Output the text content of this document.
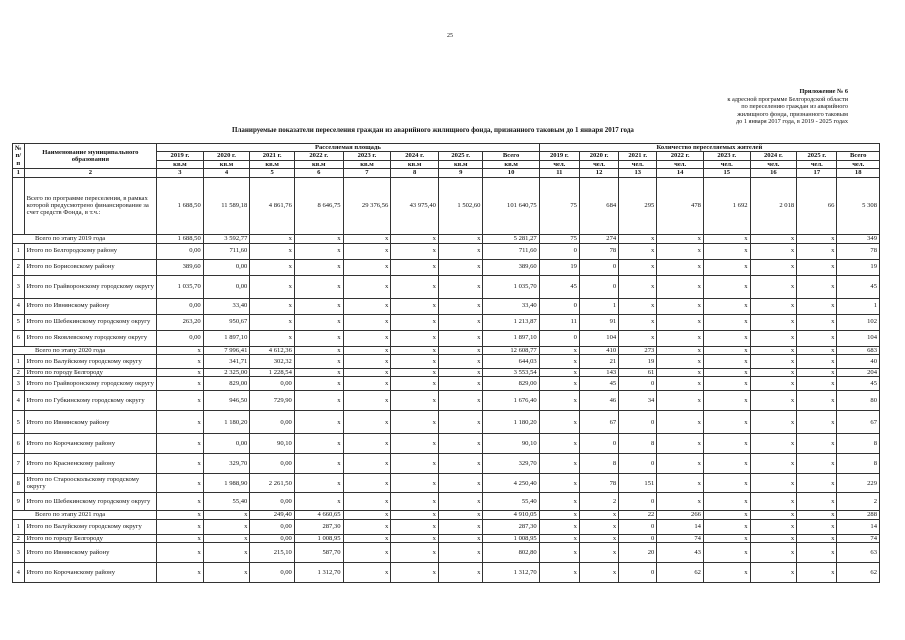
25
Приложение № 6
к адресной программе Белгородской области
по переселению граждан из аварийного
жилищного фонда, признанного таковым
до 1 января 2017 года, в 2019 - 2025 годах
Планируемые показатели переселения граждан из аварийного жилищного фонда, признанного таковым до 1 января 2017 года
№ п/п	Наименование муниципального образования	Расселяемая площадь								Количество переселяемых жителей							
		2019 г.	2020 г.	2021 г.	2022 г.	2023 г.	2024 г.	2025 г.	Всего	2019 г.	2020 г.	2021 г.	2022 г.	2023 г.	2024 г.	2025 г.	Всего
		кв.м	кв.м	кв.м	кв.м	кв.м	кв.м	кв.м	кв.м	чел.	чел.	чел.	чел.	чел.	чел.	чел.	чел.
1	2	3	4	5	6	7	8	9	10	11	12	13	14	15	16	17	18
	Всего по программе переселения, в рамках которой предусмотрено финансирование за счет средств Фонда, в т.ч.:	1 688,50	11 589,18	4 861,76	8 646,75	29 376,56	43 975,40	1 502,60	101 640,75	75	684	295	478	1 692	2 018	66	5 308
Всего по этапу 2019 года		1 688,50	3 592,77	x	x	x	x	x	5 281,27	75	274	x	x	x	x	x	349
1	Итого по Белгородскому району	0,00	711,60	x	x	x	x	x	711,60	0	78	x	x	x	x	x	78
2	Итого по Борисовскому району	389,60	0,00	x	x	x	x	x	389,60	19	0	x	x	x	x	x	19
3	Итого по Грайворонскому городскому округу	1 035,70	0,00	x	x	x	x	x	1 035,70	45	0	x	x	x	x	x	45
4	Итого по Ивнянскому району	0,00	33,40	x	x	x	x	x	33,40	0	1	x	x	x	x	x	1
5	Итого по Шебекинскому городскому округу	263,20	950,67	x	x	x	x	x	1 213,87	11	91	x	x	x	x	x	102
6	Итого по Яковлевскому городскому округу	0,00	1 897,10	x	x	x	x	x	1 897,10	0	104	x	x	x	x	x	104
Всего по этапу 2020 года		x	7 996,41	4 612,36	x	x	x	x	12 608,77	x	410	273	x	x	x	x	683
1	Итого по Валуйскому городскому округу	x	341,71	302,32	x	x	x	x	644,03	x	21	19	x	x	x	x	40
2	Итого по городу Белгороду	x	2 325,00	1 228,54	x	x	x	x	3 553,54	x	143	61	x	x	x	x	204
3	Итого по Грайворонскому городскому округу	x	829,00	0,00	x	x	x	x	829,00	x	45	0	x	x	x	x	45
4	Итого по Губкинскому городскому округу	x	946,50	729,90	x	x	x	x	1 676,40	x	46	34	x	x	x	x	80
5	Итого по Ивнянскому району	x	1 180,20	0,00	x	x	x	x	1 180,20	x	67	0	x	x	x	x	67
6	Итого по Корочанскому району	x	0,00	90,10	x	x	x	x	90,10	x	0	8	x	x	x	x	8
7	Итого по Красненскому району	x	329,70	0,00	x	x	x	x	329,70	x	8	0	x	x	x	x	8
8	Итого по Старооскольскому городскому округу	x	1 988,90	2 261,50	x	x	x	x	4 250,40	x	78	151	x	x	x	x	229
9	Итого по Шебекинскому городскому округу	x	55,40	0,00	x	x	x	x	55,40	x	2	0	x	x	x	x	2
Всего по этапу 2021 года		x	x	249,40	4 660,65	x	x	x	4 910,05	x	x	22	266	x	x	x	288
1	Итого по Валуйскому городскому округу	x	x	0,00	287,30	x	x	x	287,30	x	x	0	14	x	x	x	14
2	Итого по городу Белгороду	x	x	0,00	1 008,95	x	x	x	1 008,95	x	x	0	74	x	x	x	74
3	Итого по Ивнянскому району	x	x	215,10	587,70	x	x	x	802,80	x	x	20	43	x	x	x	63
4	Итого по Корочанскому району	x	x	0,00	1 312,70	x	x	x	1 312,70	x	x	0	62	x	x	x	62
